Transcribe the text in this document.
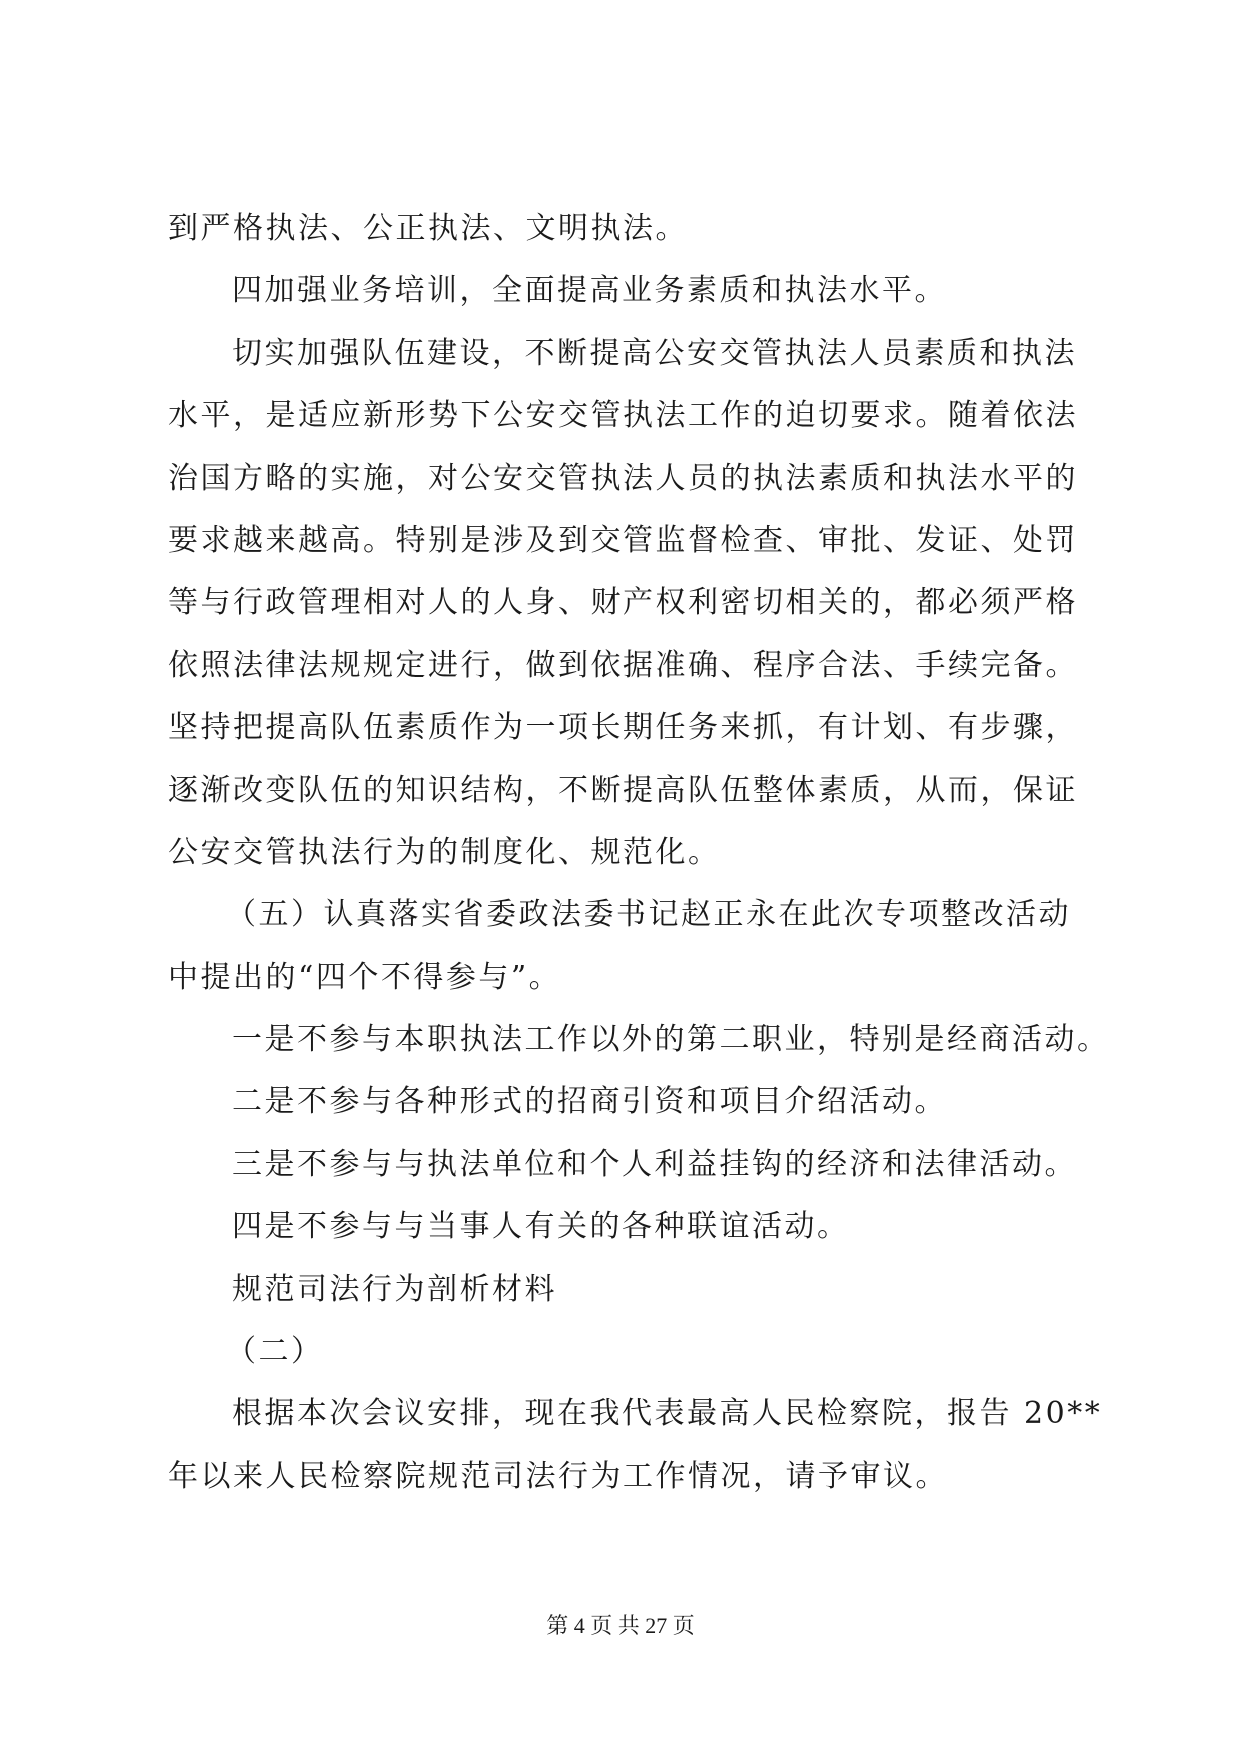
到严格执法、公正执法、文明执法。
四加强业务培训，全面提高业务素质和执法水平。
切实加强队伍建设，不断提高公安交管执法人员素质和执法
水平，是适应新形势下公安交管执法工作的迫切要求。随着依法
治国方略的实施，对公安交管执法人员的执法素质和执法水平的
要求越来越高。特别是涉及到交管监督检查、审批、发证、处罚
等与行政管理相对人的人身、财产权利密切相关的，都必须严格
依照法律法规规定进行，做到依据准确、程序合法、手续完备。
坚持把提高队伍素质作为一项长期任务来抓，有计划、有步骤，
逐渐改变队伍的知识结构，不断提高队伍整体素质，从而，保证
公安交管执法行为的制度化、规范化。
（五）认真落实省委政法委书记赵正永在此次专项整改活动
中提出的“四个不得参与”。
一是不参与本职执法工作以外的第二职业，特别是经商活动。
二是不参与各种形式的招商引资和项目介绍活动。
三是不参与与执法单位和个人利益挂钩的经济和法律活动。
四是不参与与当事人有关的各种联谊活动。
规范司法行为剖析材料
（二）
根据本次会议安排，现在我代表最高人民检察院，报告 20**
年以来人民检察院规范司法行为工作情况，请予审议。
第 4 页 共 27 页
